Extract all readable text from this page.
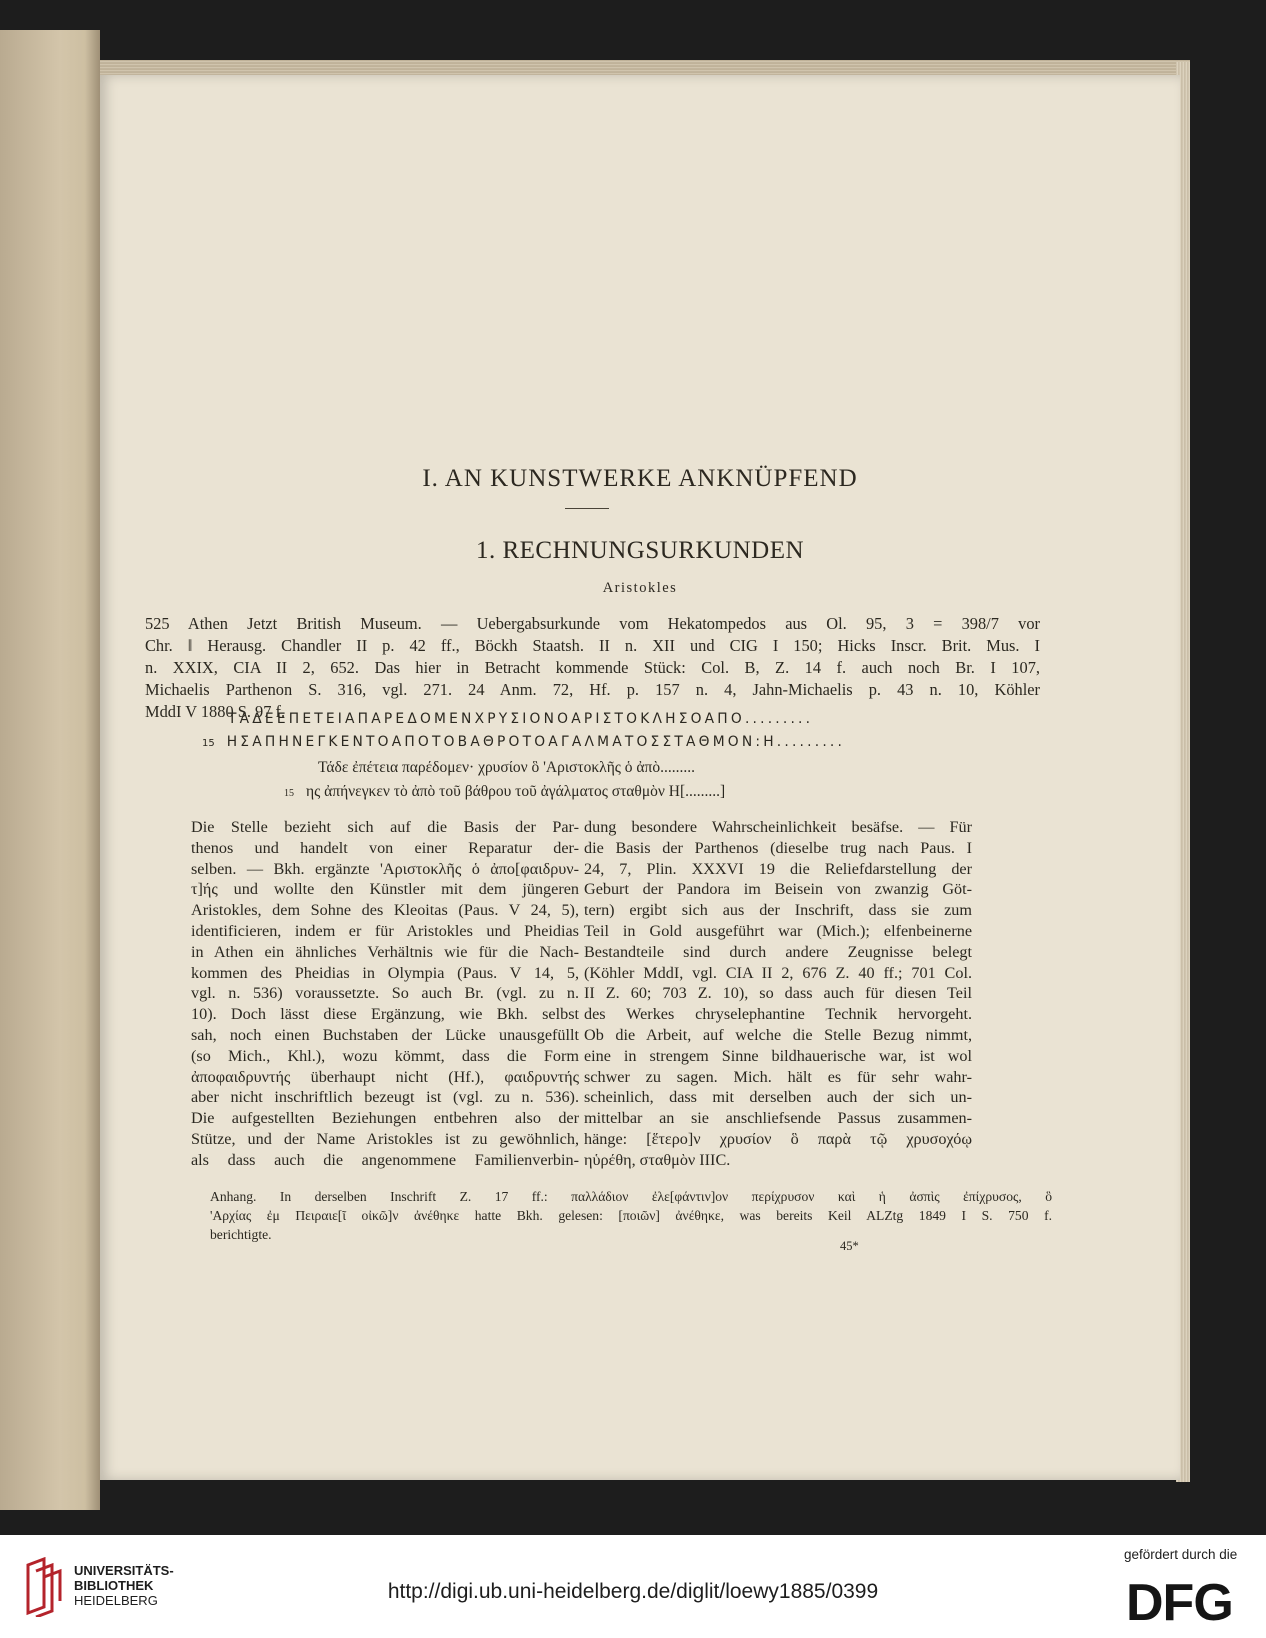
I. AN KUNSTWERKE ANKNÜPFEND
1. RECHNUNGSURKUNDEN
Aristokles
525 Athen Jetzt British Museum. — Uebergabsurkunde vom Hekatompedos aus Ol. 95, 3 = 398/7 vor
Chr. ‖ Herausg. Chandler II p. 42 ff., Böckh Staatsh. II n. XII und CIG I 150; Hicks Inscr. Brit. Mus. I
n. XXIX, CIA II 2, 652. Das hier in Betracht kommende Stück: Col. B, Z. 14 f. auch noch Br. I 107,
Michaelis Parthenon S. 316, vgl. 271. 24 Anm. 72, Hf. p. 157 n. 4, Jahn-Michaelis p. 43 n. 10, Köhler
MddI V 1880 S. 97 f.
ΤΑΔΕΕΠΕΤΕΙΑΠΑΡΕΔΟΜΕΝΧΡΥΣΙΟΝΟΑΡΙΣΤΟΚΛΗΣΟΑΠΟ.........
15 ΗΣΑΠΗΝΕΓΚΕΝΤΟΑΠΟΤΟΒΑΘΡΟΤΟΑΓΑΛΜΑΤΟΣΣΤΑΘΜΟΝ:Η.........
Τάδε ἐπέτεια παρέδομεν· χρυσίον ὃ 'Αριστοκλῆς ὁ ἀπὸ.........
15 ης ἀπήνεγκεν τὸ ἀπὸ τοῦ βάθρου τοῦ ἀγάλματος σταθμὸν Η[.........]
Die Stelle bezieht sich auf die Basis der Par-
thenos und handelt von einer Reparatur der-
selben. — Bkh. ergänzte 'Αριστοκλῆς ὁ ἀπο[φαιδρυν-
τ]ής und wollte den Künstler mit dem jüngeren
Aristokles, dem Sohne des Kleoitas (Paus. V 24, 5),
identificieren, indem er für Aristokles und Pheidias
in Athen ein ähnliches Verhältnis wie für die Nach-
kommen des Pheidias in Olympia (Paus. V 14, 5,
vgl. n. 536) voraussetzte. So auch Br. (vgl. zu n.
10). Doch lässt diese Ergänzung, wie Bkh. selbst
sah, noch einen Buchstaben der Lücke unausgefüllt
(so Mich., Khl.), wozu kömmt, dass die Form
ἀποφαιδρυντής überhaupt nicht (Hf.), φαιδρυντής
aber nicht inschriftlich bezeugt ist (vgl. zu n. 536).
Die aufgestellten Beziehungen entbehren also der
Stütze, und der Name Aristokles ist zu gewöhnlich,
als dass auch die angenommene Familienverbin-
dung besondere Wahrscheinlichkeit besäfse. — Für
die Basis der Parthenos (dieselbe trug nach Paus. I
24, 7, Plin. XXXVI 19 die Reliefdarstellung der
Geburt der Pandora im Beisein von zwanzig Göt-
tern) ergibt sich aus der Inschrift, dass sie zum
Teil in Gold ausgeführt war (Mich.); elfenbeinerne
Bestandteile sind durch andere Zeugnisse belegt
(Köhler MddI, vgl. CIA II 2, 676 Z. 40 ff.; 701 Col.
II Z. 60; 703 Z. 10), so dass auch für diesen Teil
des Werkes chryselephantine Technik hervorgeht.
Ob die Arbeit, auf welche die Stelle Bezug nimmt,
eine in strengem Sinne bildhauerische war, ist wol
schwer zu sagen. Mich. hält es für sehr wahr-
scheinlich, dass mit derselben auch der sich un-
mittelbar an sie anschliefsende Passus zusammen-
hänge: [ἕτερο]ν χρυσίον ὃ παρὰ τῷ χρυσοχόῳ
ηὑρέθη, σταθμὸν IIIC.
Anhang. In derselben Inschrift Z. 17 ff.: παλλάδιον ἐλε[φάντιν]ον περίχρυσον καὶ ἡ ἀσπὶς ἐπίχρυσος, ὃ
'Αρχίας ἐμ Πειραιε[ῖ οἰκῶ]ν ἀνέθηκε hatte Bkh. gelesen: [ποιῶν] ἀνέθηκε, was bereits Keil ALZtg 1849 I S. 750 f.
berichtigte.
45*
UNIVERSITÄTS-
BIBLIOTHEK
HEIDELBERG	http://digi.ub.uni-heidelberg.de/diglit/loewy1885/0399
gefördert durch die
DFG
